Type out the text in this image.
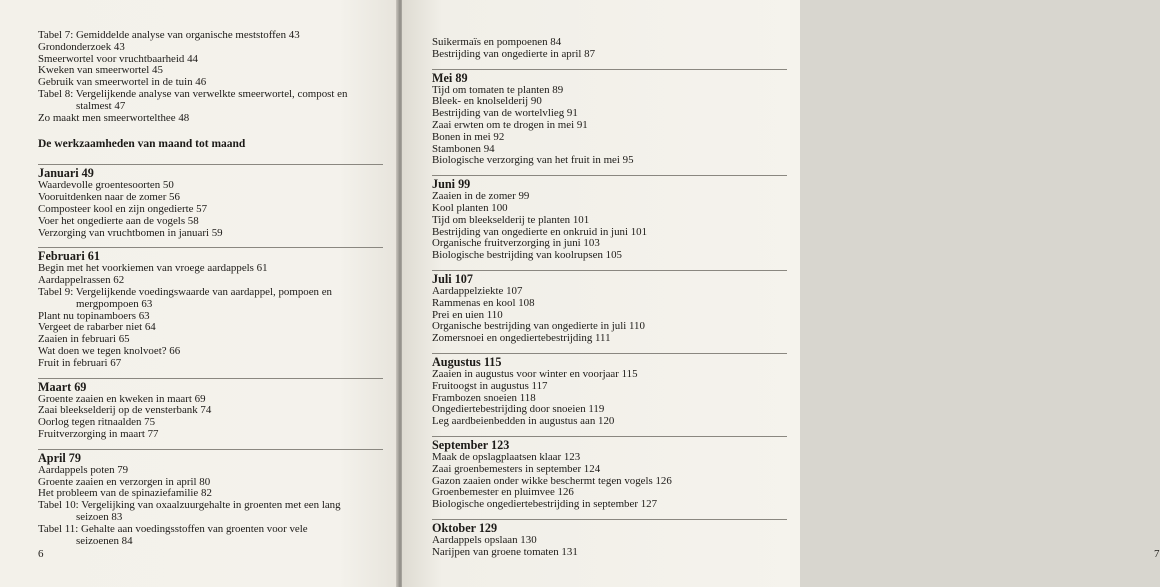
Tabel 7: Gemiddelde analyse van organische meststoffen 43

Grondonderzoek 43

Smeerwortel voor vruchtbaarheid 44

Kweken van smeerwortel 45

Gebruik van smeerwortel in de tuin 46

Tabel 8: Vergelijkende analyse van verwelkte smeerwortel, compost en

stalmest 47

Zo maakt men smeerwortelthee 48

De werkzaamheden van maand tot maand

Januari 49

Waardevolle groentesoorten 50

Vooruitdenken naar de zomer 56

Composteer kool en zijn ongedierte 57

Voer het ongedierte aan de vogels 58

Verzorging van vruchtbomen in januari 59

Februari 61

Begin met het voorkiemen van vroege aardappels 61

Aardappelrassen 62

Tabel 9: Vergelijkende voedingswaarde van aardappel, pompoen en

mergpompoen 63

Plant nu topinamboers 63

Vergeet de rabarber niet 64

Zaaien in februari 65

Wat doen we tegen knolvoet? 66

Fruit in februari 67

Maart 69

Groente zaaien en kweken in maart 69

Zaai bleekselderij op de vensterbank 74

Oorlog tegen ritnaalden 75

Fruitverzorging in maart 77

April 79

Aardappels poten 79

Groente zaaien en verzorgen in april 80

Het probleem van de spinaziefamilie 82

Tabel 10: Vergelijking van oxaalzuurgehalte in groenten met een lang

seizoen 83

Tabel 11: Gehalte aan voedingsstoffen van groenten voor vele

seizoenen 84

6

Suikermaïs en pompoenen 84

Bestrijding van ongedierte in april 87

Mei 89

Tijd om tomaten te planten 89

Bleek- en knolselderij 90

Bestrijding van de wortelvlieg 91

Zaai erwten om te drogen in mei 91

Bonen in mei 92

Stambonen 94

Biologische verzorging van het fruit in mei 95

Juni 99

Zaaien in de zomer 99

Kool planten 100

Tijd om bleekselderij te planten 101

Bestrijding van ongedierte en onkruid in juni 101

Organische fruitverzorging in juni 103

Biologische bestrijding van koolrupsen 105

Juli 107

Aardappelziekte 107

Rammenas en kool 108

Prei en uien 110

Organische bestrijding van ongedierte in juli 110

Zomersnoei en ongediertebestrijding 111

Augustus 115

Zaaien in augustus voor winter en voorjaar 115

Fruitoogst in augustus 117

Frambozen snoeien 118

Ongediertebestrijding door snoeien 119

Leg aardbeienbedden in augustus aan 120

September 123

Maak de opslagplaatsen klaar 123

Zaai groenbemesters in september 124

Gazon zaaien onder wikke beschermt tegen vogels 126

Groenbemester en pluimvee 126

Biologische ongediertebestrijding in september 127

Oktober 129

Aardappels opslaan 130

Narijpen van groene tomaten 131	7
